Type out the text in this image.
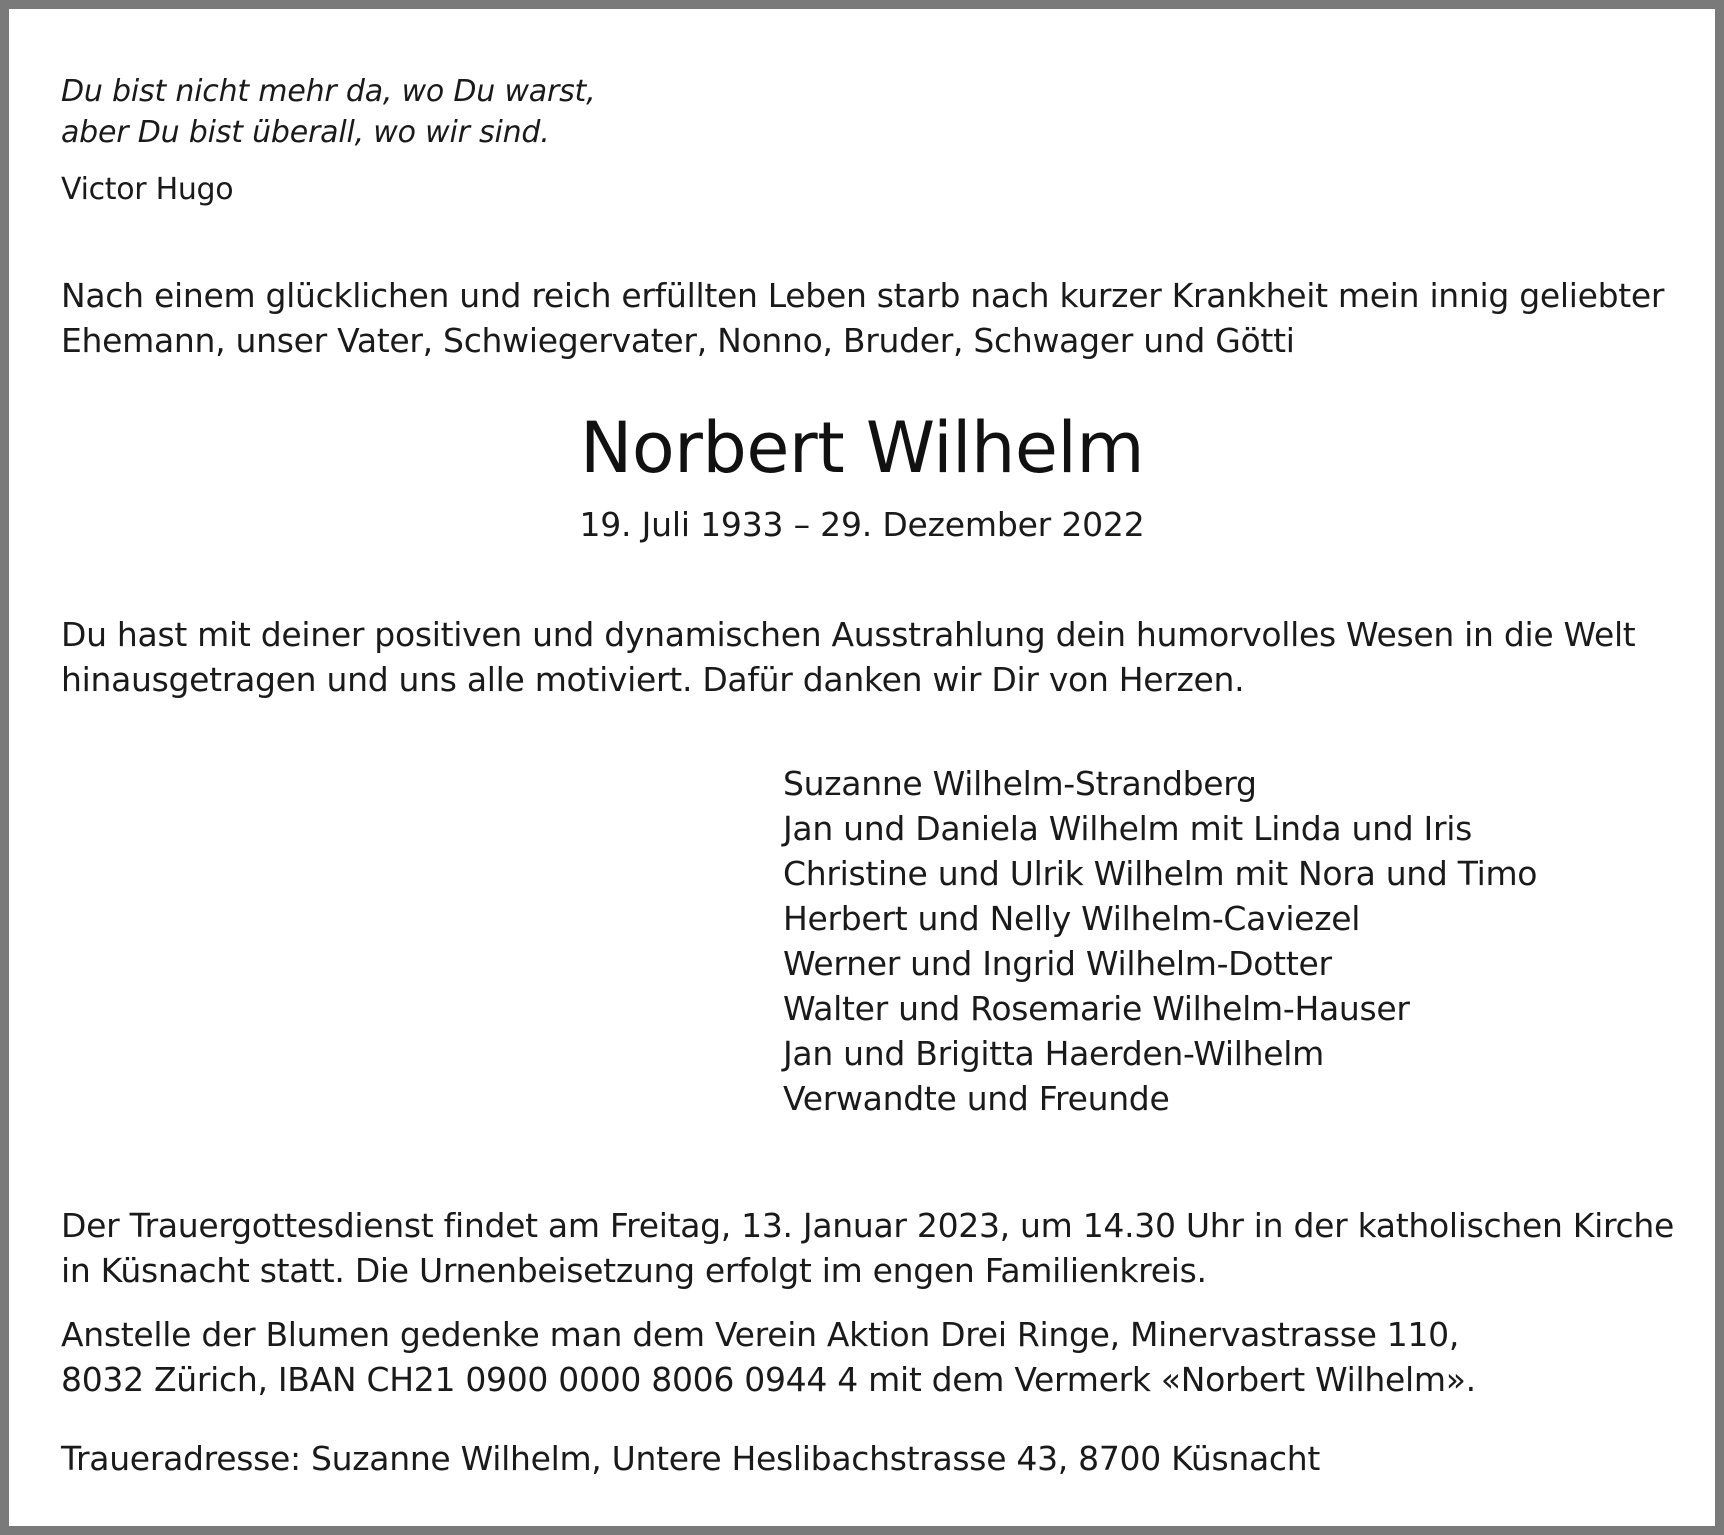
Du bist nicht mehr da, wo Du warst,
aber Du bist überall, wo wir sind.
Victor Hugo
Nach einem glücklichen und reich erfüllten Leben starb nach kurzer Krankheit mein innig geliebter
Ehemann, unser Vater, Schwiegervater, Nonno, Bruder, Schwager und Götti
Norbert Wilhelm
19. Juli 1933 – 29. Dezember 2022
Du hast mit deiner positiven und dynamischen Ausstrahlung dein humorvolles Wesen in die Welt
hinausgetragen und uns alle motiviert. Dafür danken wir Dir von Herzen.
Suzanne Wilhelm-Strandberg
Jan und Daniela Wilhelm mit Linda und Iris
Christine und Ulrik Wilhelm mit Nora und Timo
Herbert und Nelly Wilhelm-Caviezel
Werner und Ingrid Wilhelm-Dotter
Walter und Rosemarie Wilhelm-Hauser
Jan und Brigitta Haerden-Wilhelm
Verwandte und Freunde
Der Trauergottesdienst findet am Freitag, 13. Januar 2023, um 14.30 Uhr in der katholischen Kirche
in Küsnacht statt. Die Urnenbeisetzung erfolgt im engen Familienkreis.
Anstelle der Blumen gedenke man dem Verein Aktion Drei Ringe, Minervastrasse 110,
8032 Zürich, IBAN CH21 0900 0000 8006 0944 4 mit dem Vermerk «Norbert Wilhelm».
Traueradresse: Suzanne Wilhelm, Untere Heslibachstrasse 43, 8700 Küsnacht
